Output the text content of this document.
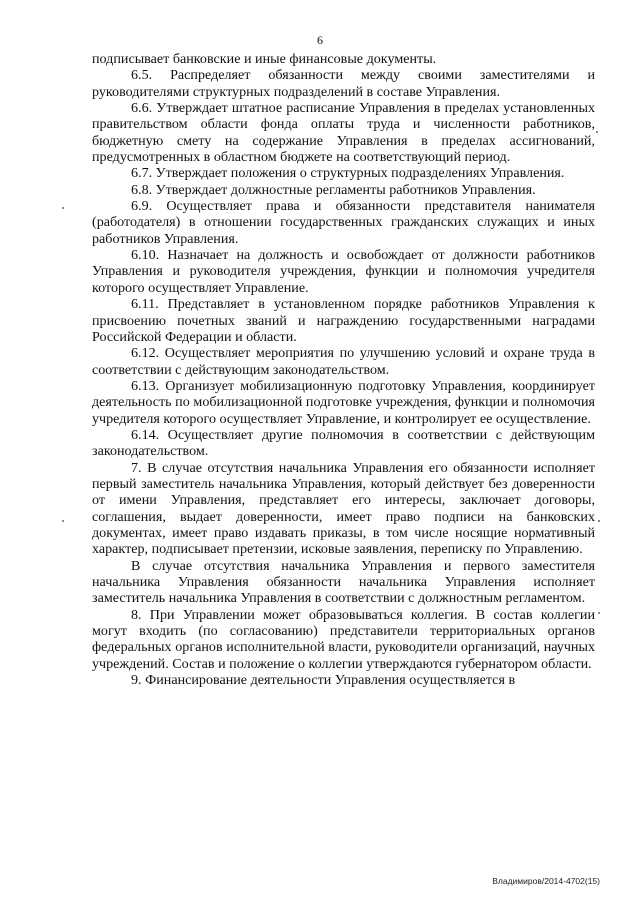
6

подписывает банковские и иные финансовые документы.

6.5. Распределяет обязанности между своими заместителями и руководителями структурных подразделений в составе Управления.

6.6. Утверждает штатное расписание Управления в пределах установленных правительством области фонда оплаты труда и численности работников, бюджетную смету на содержание Управления в пределах ассигнований, предусмотренных в областном бюджете на соответствующий период.

6.7. Утверждает положения о структурных подразделениях Управления.

6.8. Утверждает должностные регламенты работников Управления.

6.9. Осуществляет права и обязанности представителя нанимателя (работодателя) в отношении государственных гражданских служащих и иных работников Управления.

6.10. Назначает на должность и освобождает от должности работников Управления и руководителя учреждения, функции и полномочия учредителя которого осуществляет Управление.

6.11. Представляет в установленном порядке работников Управления к присвоению почетных званий и награждению государственными наградами Российской Федерации и области.

6.12. Осуществляет мероприятия по улучшению условий и охране труда в соответствии с действующим законодательством.

6.13. Организует мобилизационную подготовку Управления, координирует деятельность по мобилизационной подготовке учреждения, функции и полномочия учредителя которого осуществляет Управление, и контролирует ее осуществление.

6.14. Осуществляет другие полномочия в соответствии с действующим законодательством.

7. В случае отсутствия начальника Управления его обязанности исполняет первый заместитель начальника Управления, который действует без доверенности от имени Управления, представляет его интересы, заключает договоры, соглашения, выдает доверенности, имеет право подписи на банковских документах, имеет право издавать приказы, в том числе носящие нормативный характер, подписывает претензии, исковые заявления, переписку по Управлению.

В случае отсутствия начальника Управления и первого заместителя начальника Управления обязанности начальника Управления исполняет заместитель начальника Управления в соответствии с должностным регламентом.

8. При Управлении может образовываться коллегия. В состав коллегии могут входить (по согласованию) представители территориальных органов федеральных органов исполнительной власти, руководители организаций, научных учреждений. Состав и положение о коллегии утверждаются губернатором области.

9. Финансирование деятельности Управления осуществляется в

Владимиров/2014-4702(15)
